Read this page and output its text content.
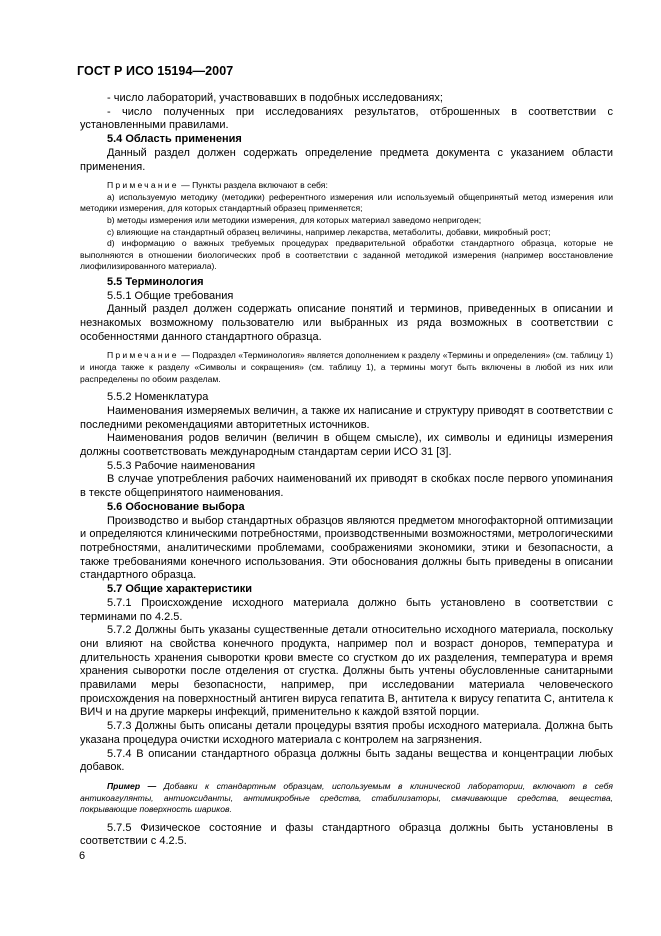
ГОСТ Р ИСО 15194—2007

- число лабораторий, участвовавших в подобных исследованиях;

- число полученных при исследованиях результатов, отброшенных в соответствии с установленными правилами.

5.4 Область применения

Данный раздел должен содержать определение предмета документа с указанием области применения.

Примечание — Пункты раздела включают в себя:

a) используемую методику (методики) референтного измерения или используемый общепринятый метод измерения или методики измерения, для которых стандартный образец применяется;

b) методы измерения или методики измерения, для которых материал заведомо непригоден;

c) влияющие на стандартный образец величины, например лекарства, метаболиты, добавки, микробный рост;

d) информацию о важных требуемых процедурах предварительной обработки стандартного образца, которые не выполняются в отношении биологических проб в соответствии с заданной методикой измерения (например восстановление лиофилизированного материала).

5.5 Терминология

5.5.1 Общие требования

Данный раздел должен содержать описание понятий и терминов, приведенных в описании и незнакомых возможному пользователю или выбранных из ряда возможных в соответствии с особенностями данного стандартного образца.

Примечание — Подраздел «Терминология» является дополнением к разделу «Термины и определения» (см. таблицу 1) и иногда также к разделу «Символы и сокращения» (см. таблицу 1), а термины могут быть включены в любой из них или распределены по обоим разделам.

5.5.2 Номенклатура

Наименования измеряемых величин, а также их написание и структуру приводят в соответствии с последними рекомендациями авторитетных источников.

Наименования родов величин (величин в общем смысле), их символы и единицы измерения должны соответствовать международным стандартам серии ИСО 31 [3].

5.5.3 Рабочие наименования

В случае употребления рабочих наименований их приводят в скобках после первого упоминания в тексте общепринятого наименования.

5.6 Обоснование выбора

Производство и выбор стандартных образцов являются предметом многофакторной оптимизации и определяются клиническими потребностями, производственными возможностями, метрологическими потребностями, аналитическими проблемами, соображениями экономики, этики и безопасности, а также требованиями конечного использования. Эти обоснования должны быть приведены в описании стандартного образца.

5.7 Общие характеристики

5.7.1 Происхождение исходного материала должно быть установлено в соответствии с терминами по 4.2.5.

5.7.2 Должны быть указаны существенные детали относительно исходного материала, поскольку они влияют на свойства конечного продукта, например пол и возраст доноров, температура и длительность хранения сыворотки крови вместе со сгустком до их разделения, температура и время хранения сыворотки после отделения от сгустка. Должны быть учтены обусловленные санитарными правилами меры безопасности, например, при исследовании материала человеческого происхождения на поверхностный антиген вируса гепатита B, антитела к вирусу гепатита C, антитела к ВИЧ и на другие маркеры инфекций, применительно к каждой взятой порции.

5.7.3 Должны быть описаны детали процедуры взятия пробы исходного материала. Должна быть указана процедура очистки исходного материала с контролем на загрязнения.

5.7.4 В описании стандартного образца должны быть заданы вещества и концентрации любых добавок.

Пример — Добавки к стандартным образцам, используемым в клинической лаборатории, включают в себя антикоагулянты, антиоксиданты, антимикробные средства, стабилизаторы, смачивающие средства, вещества, покрывающие поверхность шариков.

5.7.5 Физическое состояние и фазы стандартного образца должны быть установлены в соответствии с 4.2.5.

6
